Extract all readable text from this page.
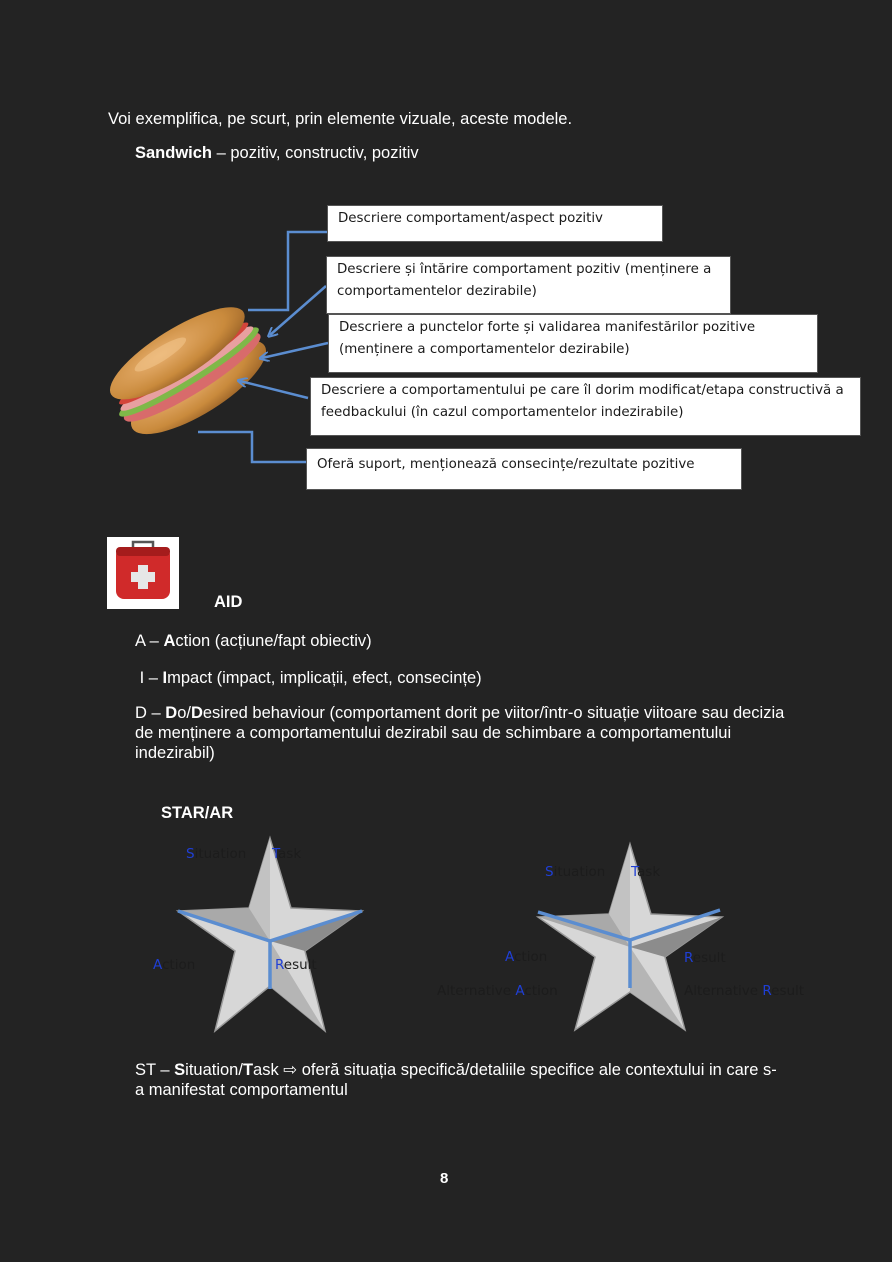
Voi exemplifica, pe scurt, prin elemente vizuale, aceste modele.
Sandwich – pozitiv, constructiv, pozitiv
Descriere comportament/aspect pozitiv
Descriere și întărire comportament pozitiv (menținere a comportamentelor dezirabile)
Descriere a punctelor forte și validarea manifestărilor pozitive (menținere a comportamentelor dezirabile)
Descriere a comportamentului pe care îl dorim modificat/etapa constructivă a feedbackului (în cazul comportamentelor indezirabile)
Oferă suport, menționează consecințe/rezultate pozitive
AID
A – Action (acțiune/fapt obiectiv)
I – Impact (impact, implicații, efect, consecințe)
D – Do/Desired behaviour (comportament dorit pe viitor/într-o situație viitoare sau decizia de menținere a comportamentului dezirabil sau de schimbare a comportamentului indezirabil)
STAR/AR
Situation Task
Action	Result
Situation Task
Action	Result
Alternative Action	Alternative Result
ST – Situation/Task ⇨ oferă situația specifică/detaliile specifice ale contextului in care s-a manifestat comportamentul
8
